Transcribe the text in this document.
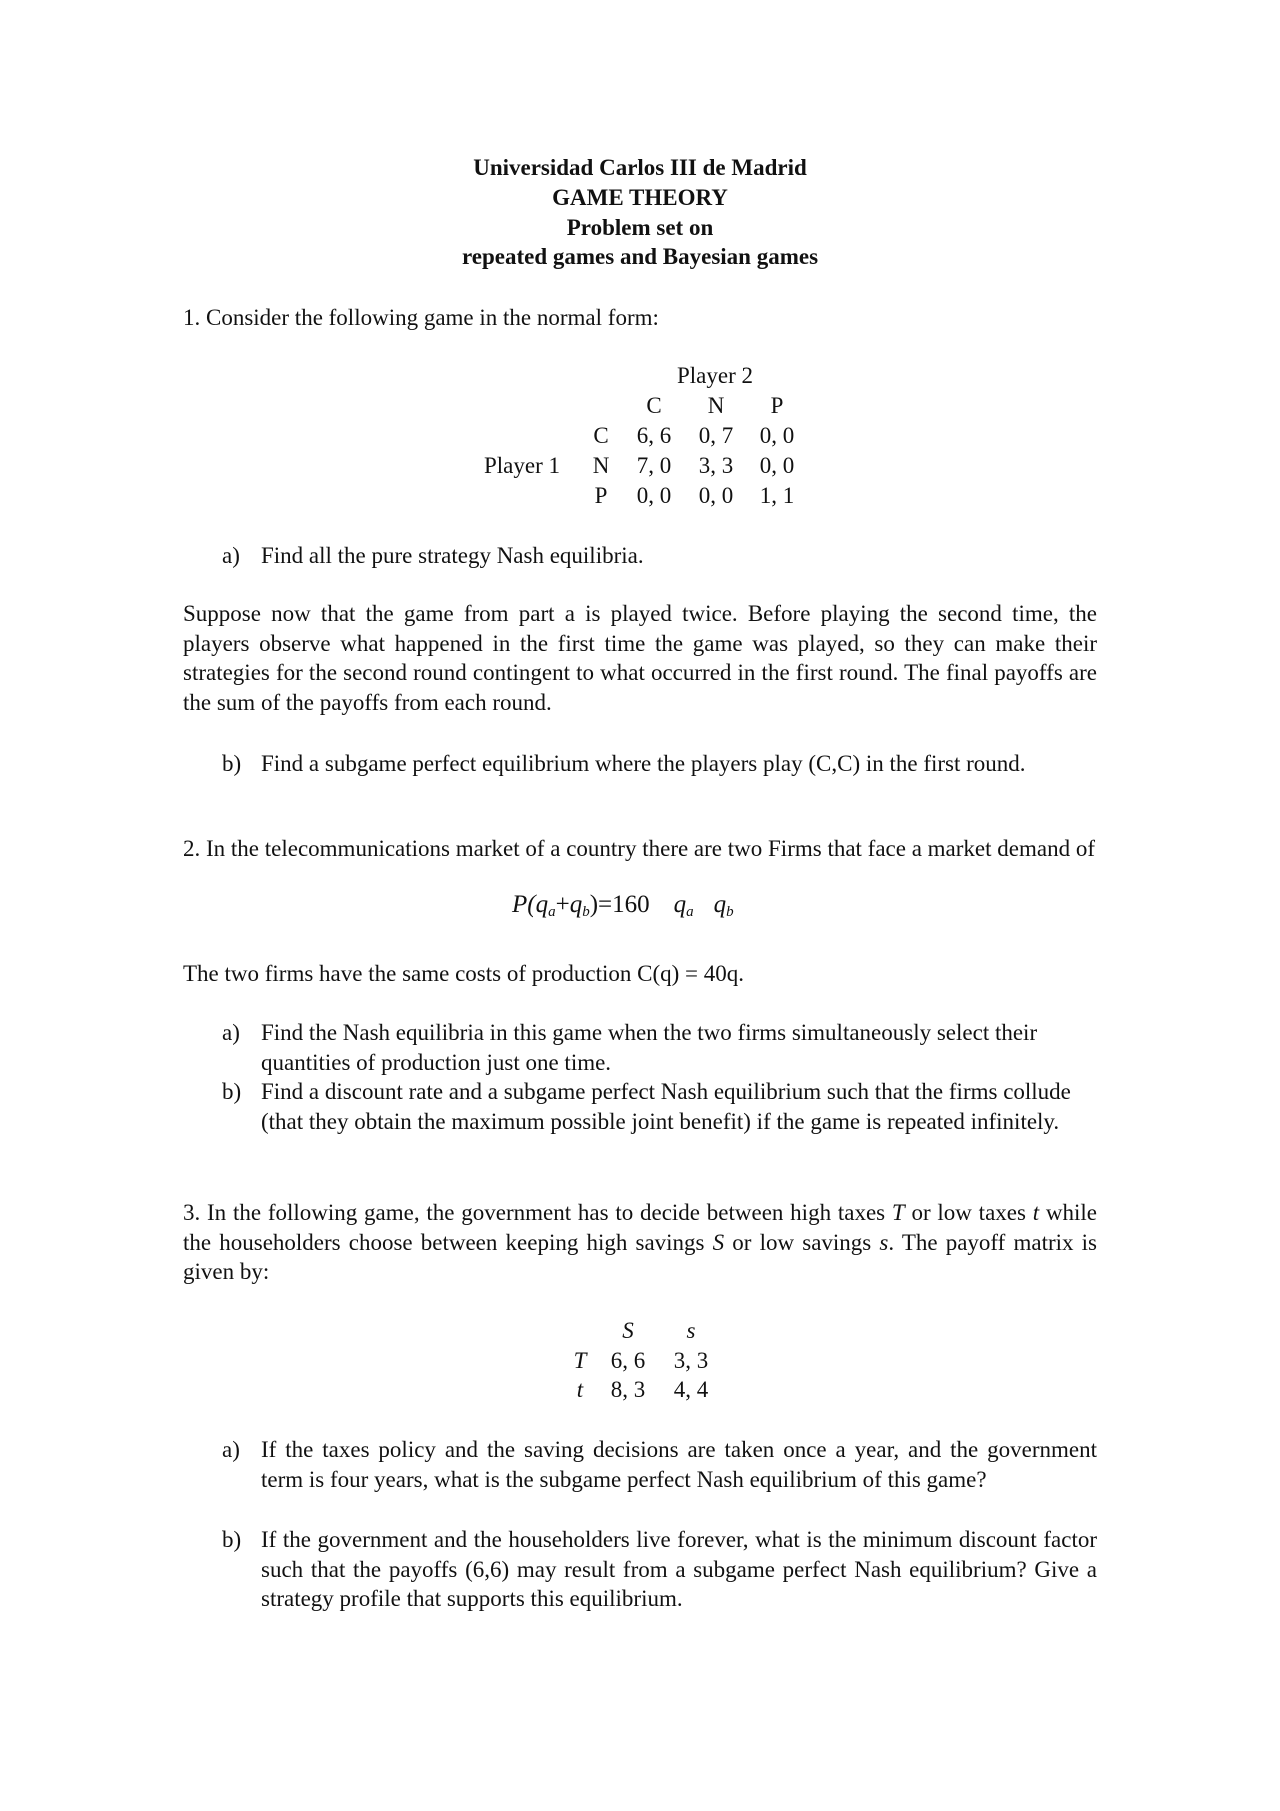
Universidad Carlos III de Madrid
GAME THEORY
Problem set on
repeated games and Bayesian games
1. Consider the following game in the normal form:
Player 2
C	N	P
Player 1
C	6, 6	0, 7	0, 0
N	7, 0	3, 3	0, 0
P	0, 0	0, 0	1, 1
a) Find all the pure strategy Nash equilibria.
Suppose now that the game from part a is played twice. Before playing the second time, the players observe what happened in the first time the game was played, so they can make their strategies for the second round contingent to what occurred in the first round. The final payoffs are the sum of the payoffs from each round.
b) Find a subgame perfect equilibrium where the players play (C,C) in the first round.
2. In the telecommunications market of a country there are two Firms that face a market demand of
$P(q_a+q_b)=160$ $q_a$ $q_b$
The two firms have the same costs of production C(q) = 40q.
a) Find the Nash equilibria in this game when the two firms simultaneously select their quantities of production just one time.
b) Find a discount rate and a subgame perfect Nash equilibrium such that the firms collude (that they obtain the maximum possible joint benefit) if the game is repeated infinitely.
3. In the following game, the government has to decide between high taxes T or low taxes t while the householders choose between keeping high savings S or low savings s. The payoff matrix is given by:
S	s
T	6, 6	3, 3
t	8, 3	4, 4
a) If the taxes policy and the saving decisions are taken once a year, and the government term is four years, what is the subgame perfect Nash equilibrium of this game?
b) If the government and the householders live forever, what is the minimum discount factor such that the payoffs (6,6) may result from a subgame perfect Nash equilibrium? Give a strategy profile that supports this equilibrium.
